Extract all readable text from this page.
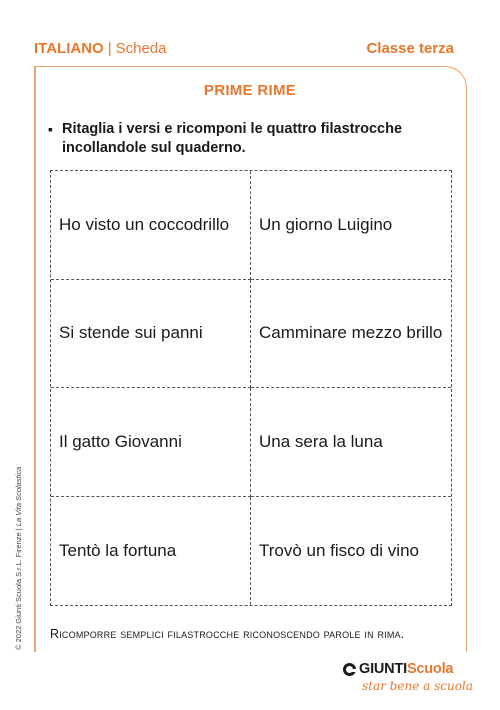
ITALIANO | Scheda	Classe terza
PRIME RIME
▪ Ritaglia i versi e ricomponi le quattro filastrocche incollandole sul quaderno.
Ho visto un coccodrillo	Un giorno Luigino
Si stende sui panni	Camminare mezzo brillo
Il gatto Giovanni	Una sera la luna
Tentò la fortuna	Trovò un fisco di vino
Ricomporre semplici filastrocche riconoscendo parole in rima.
© 2022 Giunti Scuola S.r.L. Firenze | La Vita Scolastica
GIUNTIScuola
star bene a scuola
